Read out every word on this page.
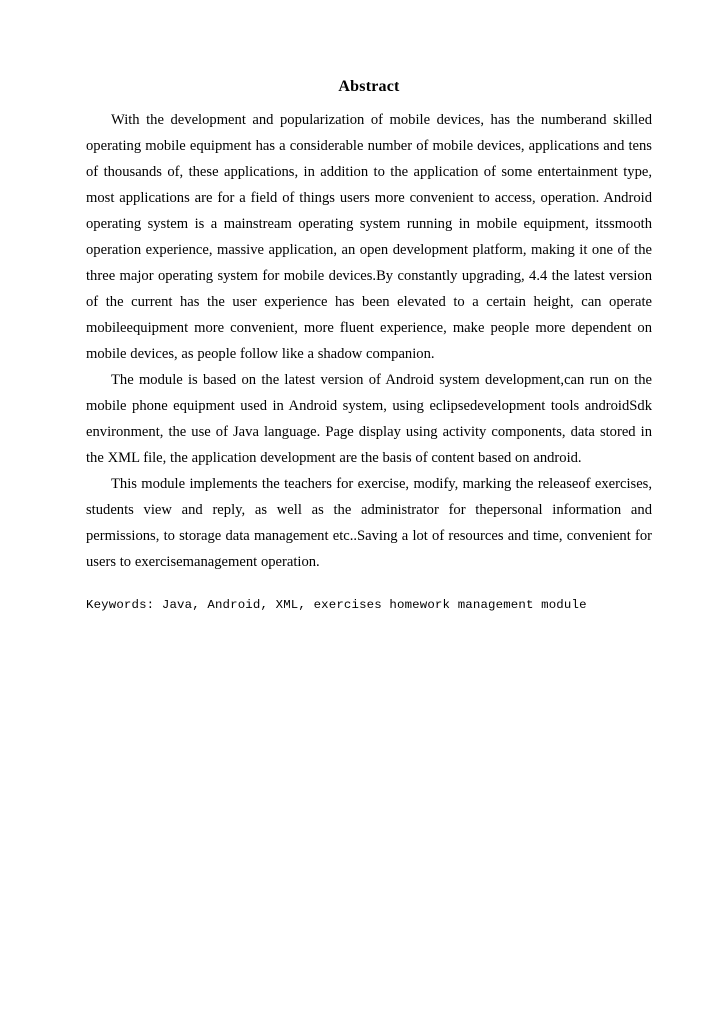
Abstract

With the development and popularization of mobile devices, has the numberand skilled operating mobile equipment has a considerable number of mobile devices, applications and tens of thousands of, these applications, in addition to the application of some entertainment type, most applications are for a field of things users more convenient to access, operation. Android operating system is a mainstream operating system running in mobile equipment, itssmooth operation experience, massive application, an open development platform, making it one of the three major operating system for mobile devices.By constantly upgrading, 4.4 the latest version of the current has the user experience has been elevated to a certain height, can operate mobileequipment more convenient, more fluent experience, make people more dependent on mobile devices, as people follow like a shadow companion.

The module is based on the latest version of Android system development,can run on the mobile phone equipment used in Android system, using eclipsedevelopment tools androidSdk environment, the use of Java language. Page display using activity components, data stored in the XML file, the application development are the basis of content based on android.

This module implements the teachers for exercise, modify, marking the releaseof exercises, students view and reply, as well as the administrator for thepersonal information and permissions, to storage data management etc..Saving a lot of resources and time, convenient for users to exercisemanagement operation.

Keywords: Java, Android, XML, exercises homework management module
